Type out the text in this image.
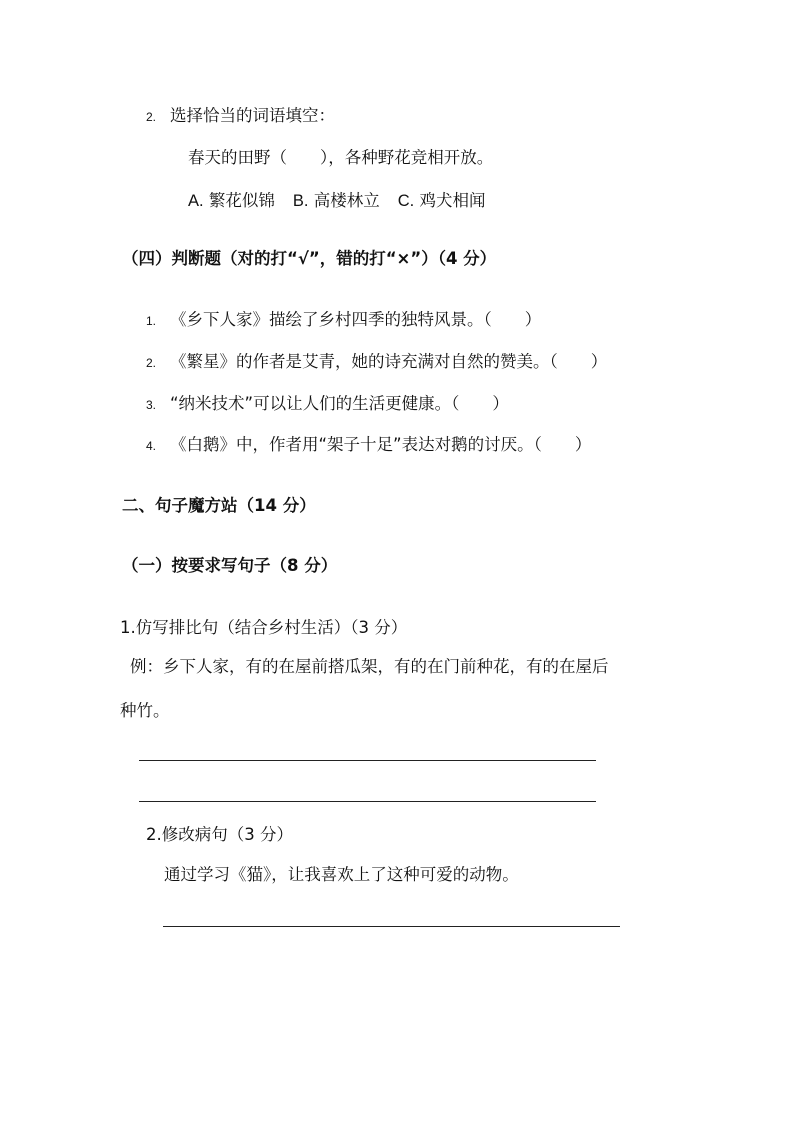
2. 选择恰当的词语填空：
春天的田野（　　），各种野花竞相开放。
A. 繁花似锦 B. 高楼林立 C. 鸡犬相闻
（四）判断题（对的打“√”，错的打“×”）（4 分）
1. 《乡下人家》描绘了乡村四季的独特风景。（　　）
2. 《繁星》的作者是艾青，她的诗充满对自然的赞美。（　　）
3. “纳米技术”可以让人们的生活更健康。（　　）
4. 《白鹅》中，作者用“架子十足”表达对鹅的讨厌。（　　）
二、句子魔方站（14 分）
（一）按要求写句子（8 分）
1.仿写排比句（结合乡村生活）（3 分）
例：乡下人家，有的在屋前搭瓜架，有的在门前种花，有的在屋后
种竹。
2.修改病句（3 分）
通过学习《猫》，让我喜欢上了这种可爱的动物。
